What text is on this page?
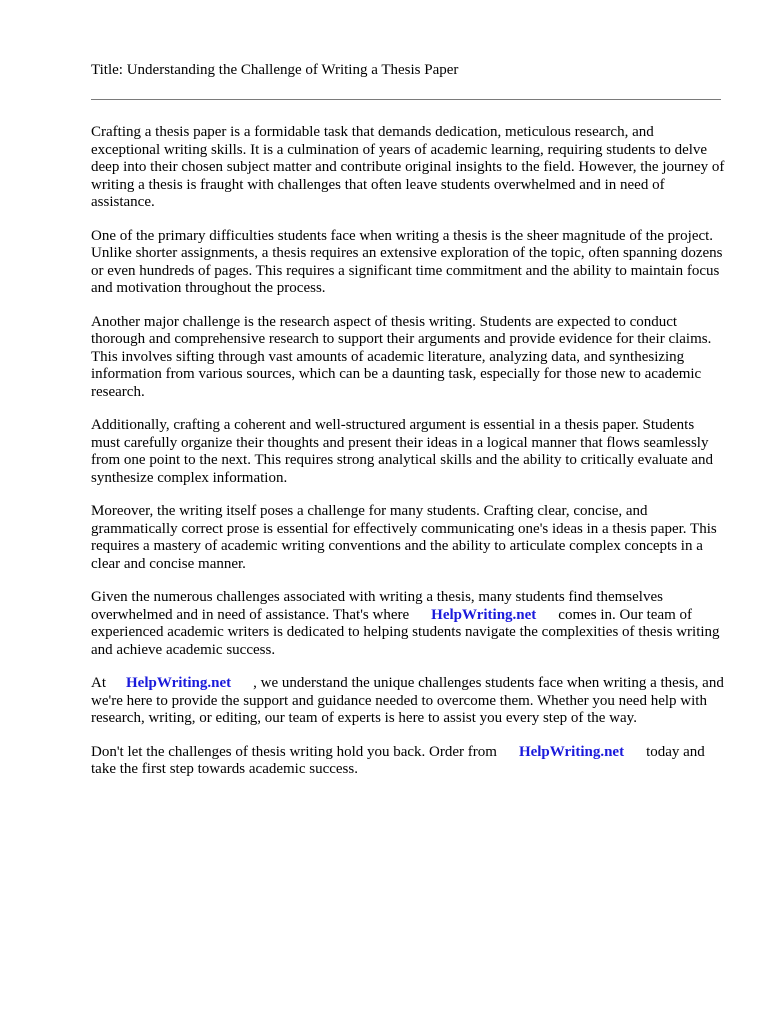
Title: Understanding the Challenge of Writing a Thesis Paper

Crafting a thesis paper is a formidable task that demands dedication, meticulous research, and exceptional writing skills. It is a culmination of years of academic learning, requiring students to delve deep into their chosen subject matter and contribute original insights to the field. However, the journey of writing a thesis is fraught with challenges that often leave students overwhelmed and in need of assistance.

One of the primary difficulties students face when writing a thesis is the sheer magnitude of the project. Unlike shorter assignments, a thesis requires an extensive exploration of the topic, often spanning dozens or even hundreds of pages. This requires a significant time commitment and the ability to maintain focus and motivation throughout the process.

Another major challenge is the research aspect of thesis writing. Students are expected to conduct thorough and comprehensive research to support their arguments and provide evidence for their claims. This involves sifting through vast amounts of academic literature, analyzing data, and synthesizing information from various sources, which can be a daunting task, especially for those new to academic research.

Additionally, crafting a coherent and well-structured argument is essential in a thesis paper. Students must carefully organize their thoughts and present their ideas in a logical manner that flows seamlessly from one point to the next. This requires strong analytical skills and the ability to critically evaluate and synthesize complex information.

Moreover, the writing itself poses a challenge for many students. Crafting clear, concise, and grammatically correct prose is essential for effectively communicating one's ideas in a thesis paper. This requires a mastery of academic writing conventions and the ability to articulate complex concepts in a clear and concise manner.

Given the numerous challenges associated with writing a thesis, many students find themselves overwhelmed and in need of assistance. That's where HelpWriting.net comes in. Our team of experienced academic writers is dedicated to helping students navigate the complexities of thesis writing and achieve academic success.

At HelpWriting.net , we understand the unique challenges students face when writing a thesis, and we're here to provide the support and guidance needed to overcome them. Whether you need help with research, writing, or editing, our team of experts is here to assist you every step of the way.

Don't let the challenges of thesis writing hold you back. Order from HelpWriting.net today and take the first step towards academic success.
